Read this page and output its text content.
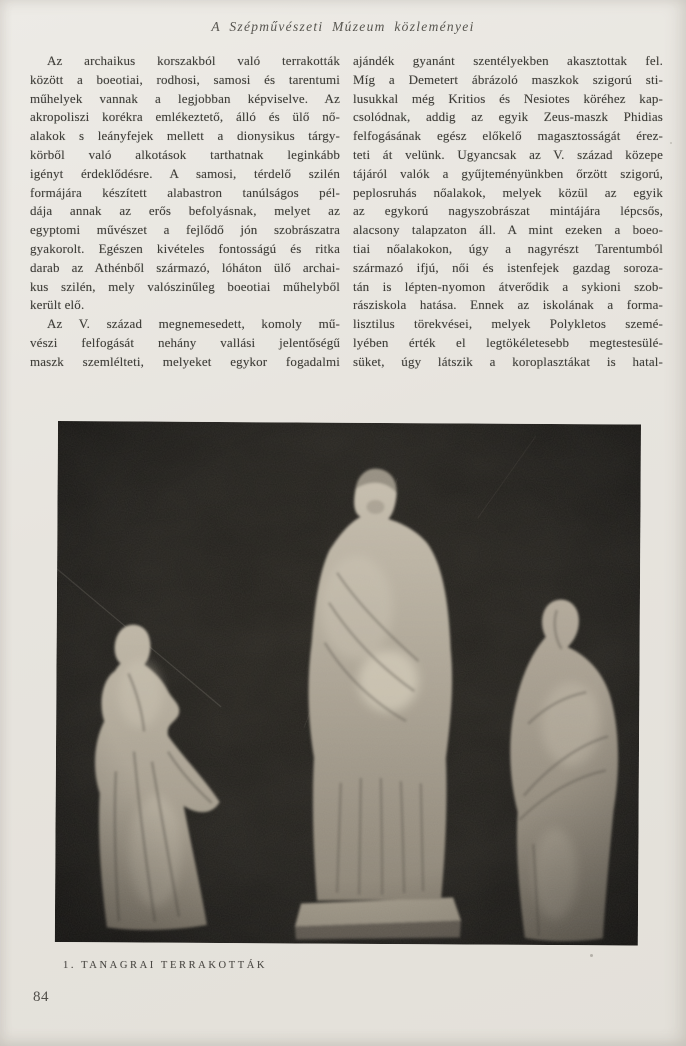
A Szépművészeti Múzeum közleményei
Az archaikus korszakból való terrakották
között a boeotiai, rodhosi, samosi és tarentumi
műhelyek vannak a legjobban képviselve. Az
akropoliszi korékra emlékeztető, álló és ülő nő-
alakok s leányfejek mellett a dionysikus tárgy-
körből való alkotások tarthatnak leginkább
igényt érdeklődésre. A samosi, térdelő szilén
formájára készített alabastron tanúlságos pél-
dája annak az erős befolyásnak, melyet az
egyptomi művészet a fejlődő jón szobrászatra
gyakorolt. Egészen kivételes fontosságú és ritka
darab az Athénből származó, lóháton ülő archai-
kus szilén, mely valószinűleg boeotiai műhelyből
került elő.
Az V. század megnemesedett, komoly mű-
vészi felfogását nehány vallási jelentőségű
maszk szemlélteti, melyeket egykor fogadalmi
ajándék gyanánt szentélyekben akasztottak fel.
Míg a Demetert ábrázoló maszkok szigorú sti-
lusukkal még Kritios és Nesiotes köréhez kap-
csolódnak, addig az egyik Zeus-maszk Phidias
felfogásának egész előkelő magasztosságát érez-
teti át velünk. Ugyancsak az V. század közepe
tájáról valók a gyűjteményünkben őrzött szigorú,
peplosruhás nőalakok, melyek közül az egyik
az egykorú nagyszobrászat mintájára lépcsős,
alacsony talapzaton áll. A mint ezeken a boeo-
tiai nőalakokon, úgy a nagyrészt Tarentumból
származó ifjú, női és istenfejek gazdag soroza-
tán is lépten-nyomon átverődik a sykioni szob-
rásziskola hatása. Ennek az iskolának a forma-
lisztilus törekvései, melyek Polykletos szemé-
lyében érték el legtökéletesebb megtestesülé-
süket, úgy látszik a koroplasztákat is hatal-
1. TANAGRAI TERRAKOTTÁK
84
